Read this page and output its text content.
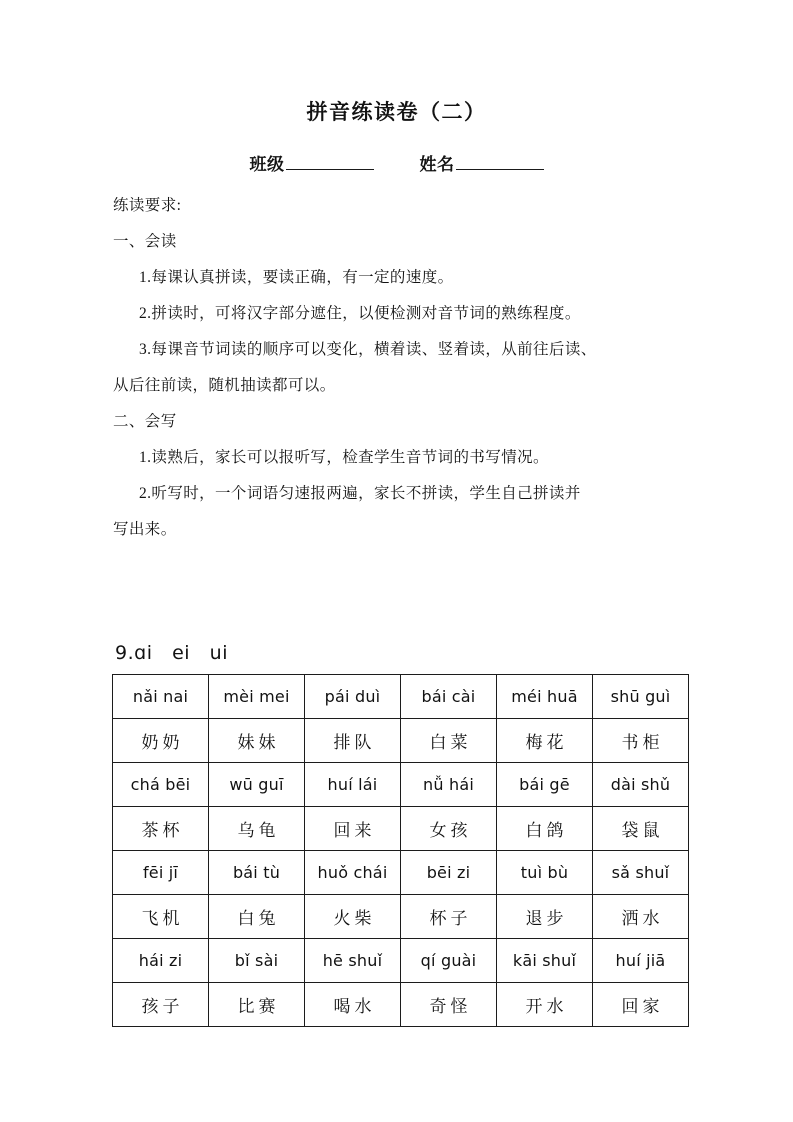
拼音练读卷（二）
班级	姓名
练读要求:
一、会读
1.每课认真拼读，要读正确，有一定的速度。
2.拼读时，可将汉字部分遮住，以便检测对音节词的熟练程度。
3.每课音节词读的顺序可以变化，横着读、竖着读，从前往后读、
从后往前读，随机抽读都可以。
二、会写
1.读熟后，家长可以报听写，检查学生音节词的书写情况。
2.听写时，一个词语匀速报两遍，家长不拼读，学生自己拼读并
写出来。
9.ɑi   ei   ui
nǎi nai	mèi mei	pái duì	bái cài	méi huā	shū guì
奶奶	妹妹	排队	白菜	梅花	书柜
chá bēi	wū guī	huí lái	nǚ hái	bái gē	dài shǔ
茶杯	乌龟	回来	女孩	白鸽	袋鼠
fēi jī	bái tù	huǒ chái	bēi zi	tuì bù	sǎ shuǐ
飞机	白兔	火柴	杯子	退步	洒水
hái zi	bǐ sài	hē shuǐ	qí guài	kāi shuǐ	huí jiā
孩子	比赛	喝水	奇怪	开水	回家
